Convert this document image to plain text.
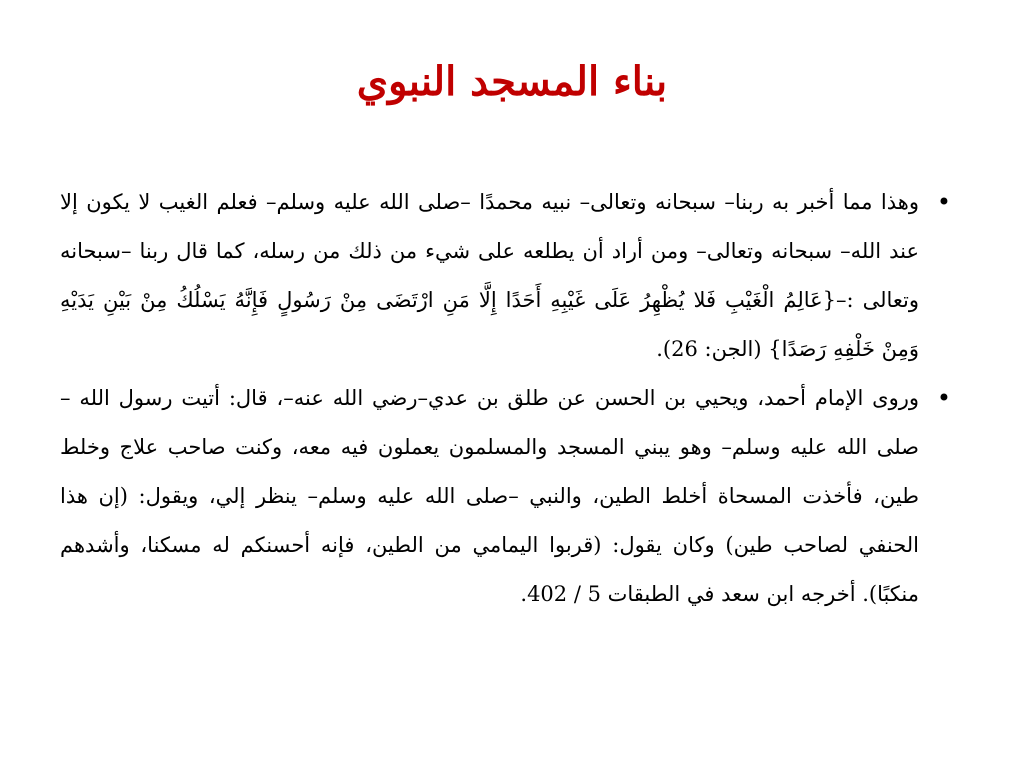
بناء المسجد النبوي
•
وهذا مما أخبر به ربنا– سبحانه وتعالى– نبيه محمدًا –صلى الله عليه وسلم– فعلم الغيب لا يكون إلا عند الله– سبحانه وتعالى– ومن أراد أن يطلعه على شيء من ذلك من رسله، كما قال ربنا –سبحانه وتعالى :–{عَالِمُ الْغَيْبِ فَلا يُظْهِرُ عَلَى غَيْبِهِ أَحَدًا إِلَّا مَنِ ارْتَضَى مِنْ رَسُولٍ فَإِنَّهُ يَسْلُكُ مِنْ بَيْنِ يَدَيْهِ وَمِنْ خَلْفِهِ رَصَدًا} (الجن: 26).
•
وروى الإمام أحمد، ويحيي بن الحسن عن طلق بن عدي–رضي الله عنه–، قال: أتيت رسول الله –صلى الله عليه وسلم– وهو يبني المسجد والمسلمون يعملون فيه معه، وكنت صاحب علاج وخلط طين، فأخذت المسحاة أخلط الطين، والنبي –صلى الله عليه وسلم– ينظر إلي، ويقول: (إن هذا الحنفي لصاحب طين) وكان يقول: (قربوا اليمامي من الطين، فإنه أحسنكم له مسكنا، وأشدهم منكبًا). أخرجه ابن سعد في الطبقات 5 / 402.
